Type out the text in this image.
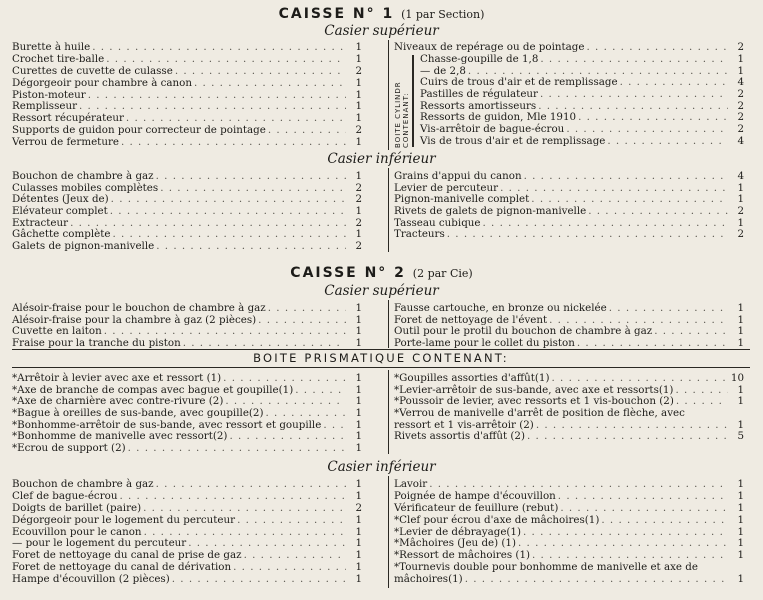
CAISSE N° 1 (1 par Section)
Casier supérieur
Burette à huile . . .	1
Crochet tire-balle . . .	1
Curettes de cuvette de culasse . . .	2
Dégorgeoir pour chambre à canon . . .	1
Piston-moteur . . .	1
Remplisseur . . .	1
Ressort récupérateur . . .	1
Supports de guidon pour correcteur de pointage . . .	2
Verrou de fermeture . . .	1
Niveaux de repérage ou de pointage . . .	2
BOITE CYLINDR CONTENANT:
Chasse-goupille de 1,8 . . .	1
— de 2,8 . . .	1
Cuirs de trous d'air et de remplissage . . .	4
Pastilles de régulateur . . .	2
Ressorts amortisseurs . . .	2
Ressorts de guidon, Mle 1910 . . .	2
Vis-arrêtoir de bague-écrou . . .	2
Vis de trous d'air et de remplissage . . .	4
Casier inférieur
Bouchon de chambre à gaz . . .	1
Culasses mobiles complètes . . .	2
Détentes (Jeux de) . . .	2
Elévateur complet . . .	1
Extracteur . . .	2
Gâchette complète . . .	1
Galets de pignon-manivelle . . .	2
Grains d'appui du canon . . .	4
Levier de percuteur . . .	1
Pignon-manivelle complet . . .	1
Rivets de galets de pignon-manivelle . . .	2
Tasseau cubique . . .	1
Tracteurs . . .	2
CAISSE N° 2 (2 par Cie)
Casier supérieur
Alésoir-fraise pour le bouchon de chambre à gaz . . .	1
Alésoir-fraise pour la chambre à gaz (2 pièces) . . .	1
Cuvette en laiton . . .	1
Fraise pour la tranche du piston . . .	1
Fausse cartouche, en bronze ou nickelée . . .	1
Foret de nettoyage de l'évent . . .	1
Outil pour le protil du bouchon de chambre à gaz . . .	1
Porte-lame pour le collet du piston . . .	1
BOITE PRISMATIQUE CONTENANT:
*Arrêtoir à levier avec axe et ressort (1) . . .	1
*Axe de branche de compas avec bague et goupille(1) . . .	1
*Axe de charnière avec contre-rivure (2) . . .	1
*Bague à oreilles de sus-bande, avec goupille(2) . . .	1
*Bonhomme-arrêtoir de sus-bande, avec ressort et goupille . . .	1
*Bonhomme de manivelle avec ressort(2) . . .	1
*Ecrou de support (2) . . .	1
*Goupilles assorties d'affût(1) . . .	10
*Levier-arrêtoir de sus-bande, avec axe et ressorts(1) . . .	1
*Poussoir de levier, avec ressorts et 1 vis-bouchon (2) . . .	1
*Verrou de manivelle d'arrêt de position de flèche, avec
ressort et 1 vis-arrêtoir (2) . . .	1
Rivets assortis d'affût (2) . . .	5
Casier inférieur
Bouchon de chambre à gaz . . .	1
Clef de bague-écrou . . .	1
Doigts de barillet (paire) . . .	2
Dégorgeoir pour le logement du percuteur . . .	1
Ecouvillon pour le canon . . .	1
— pour le logement du percuteur . . .	1
Foret de nettoyage du canal de prise de gaz . . .	1
Foret de nettoyage du canal de dérivation . . .	1
Hampe d'écouvillon (2 pièces) . . .	1
Lavoir . . .	1
Poignée de hampe d'écouvillon . . .	1
Vérificateur de feuillure (rebut) . . .	1
*Clef pour écrou d'axe de mâchoires(1) . . .	1
*Levier de débrayage(1) . . .	1
*Mâchoires (Jeu de) (1) . . .	1
*Ressort de mâchoires (1) . . .	1
*Tournevis double pour bonhomme de manivelle et axe de
mâchoires(1) . . .	1
